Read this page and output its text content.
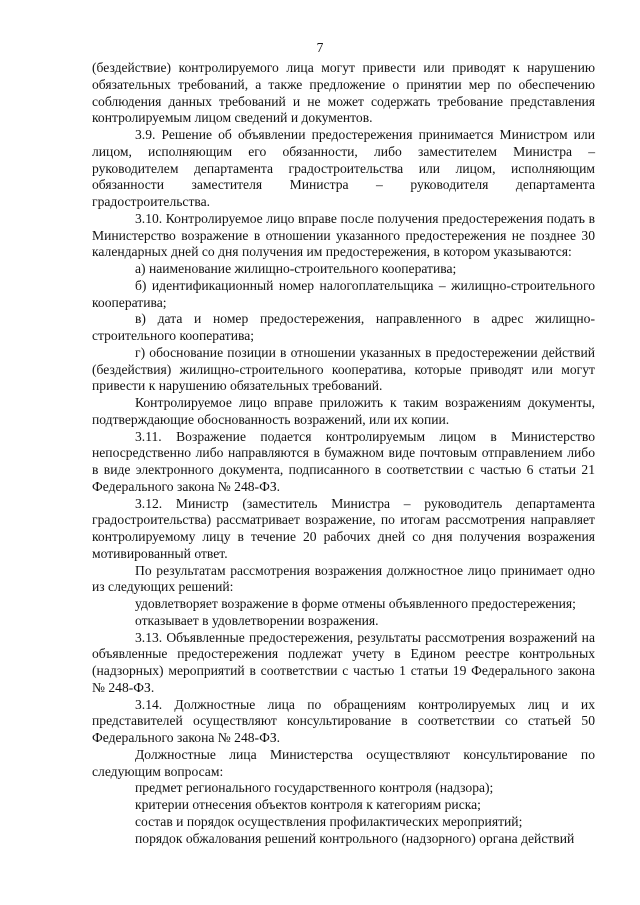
7

(бездействие) контролируемого лица могут привести или приводят к нарушению обязательных требований, а также предложение о принятии мер по обеспечению соблюдения данных требований и не может содержать требование представления контролируемым лицом сведений и документов.

3.9. Решение об объявлении предостережения принимается Министром или лицом, исполняющим его обязанности, либо заместителем Министра – руководителем департамента градостроительства или лицом, исполняющим обязанности заместителя Министра – руководителя департамента градостроительства.

3.10. Контролируемое лицо вправе после получения предостережения подать в Министерство возражение в отношении указанного предостережения не позднее 30 календарных дней со дня получения им предостережения, в котором указываются:

а) наименование жилищно-строительного кооператива;

б) идентификационный номер налогоплательщика – жилищно-строительного кооператива;

в) дата и номер предостережения, направленного в адрес жилищно-строительного кооператива;

г) обоснование позиции в отношении указанных в предостережении действий (бездействия) жилищно-строительного кооператива, которые приводят или могут привести к нарушению обязательных требований.

Контролируемое лицо вправе приложить к таким возражениям документы, подтверждающие обоснованность возражений, или их копии.

3.11. Возражение подается контролируемым лицом в Министерство непосредственно либо направляются в бумажном виде почтовым отправлением либо в виде электронного документа, подписанного в соответствии с частью 6 статьи 21 Федерального закона № 248-ФЗ.

3.12. Министр (заместитель Министра – руководитель департамента градостроительства) рассматривает возражение, по итогам рассмотрения направляет контролируемому лицу в течение 20 рабочих дней со дня получения возражения мотивированный ответ.

По результатам рассмотрения возражения должностное лицо принимает одно из следующих решений:

удовлетворяет возражение в форме отмены объявленного предостережения;

отказывает в удовлетворении возражения.

3.13. Объявленные предостережения, результаты рассмотрения возражений на объявленные предостережения подлежат учету в Едином реестре контрольных (надзорных) мероприятий в соответствии с частью 1 статьи 19 Федерального закона № 248-ФЗ.

3.14. Должностные лица по обращениям контролируемых лиц и их представителей осуществляют консультирование в соответствии со статьей 50 Федерального закона № 248-ФЗ.

Должностные лица Министерства осуществляют консультирование по следующим вопросам:

предмет регионального государственного контроля (надзора);

критерии отнесения объектов контроля к категориям риска;

состав и порядок осуществления профилактических мероприятий;

порядок обжалования решений контрольного (надзорного) органа действий
